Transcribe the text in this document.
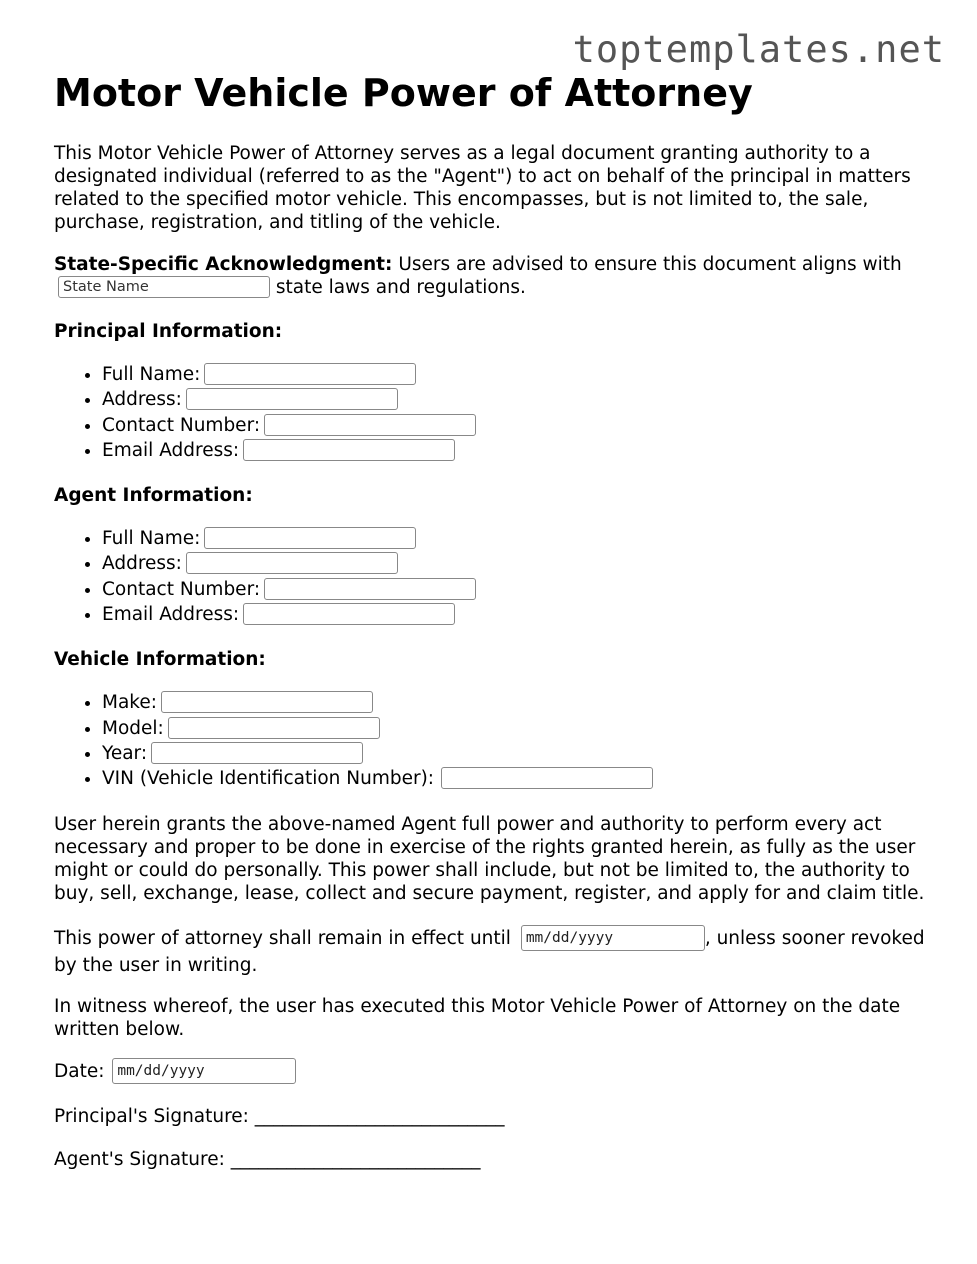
toptemplates.net
Motor Vehicle Power of Attorney

This Motor Vehicle Power of Attorney serves as a legal document granting authority to a designated individual (referred to as the "Agent") to act on behalf of the principal in matters related to the specified motor vehicle. This encompasses, but is not limited to, the sale, purchase, registration, and titling of the vehicle.

State-Specific Acknowledgment: Users are advised to ensure this document aligns with State Name	state laws and regulations.

Principal Information:
• Full Name:
• Address:
• Contact Number:
• Email Address:
Agent Information:
• Full Name:
• Address:
• Contact Number:
• Email Address:
Vehicle Information:
• Make:
• Model:
• Year:
• VIN (Vehicle Identification Number):

User herein grants the above-named Agent full power and authority to perform every act necessary and proper to be done in exercise of the rights granted herein, as fully as the user might or could do personally. This power shall include, but not be limited to, the authority to buy, sell, exchange, lease, collect and secure payment, register, and apply for and claim title.

This power of attorney shall remain in effect until mm/dd/yyyy	, unless sooner revoked by the user in writing.

In witness whereof, the user has executed this Motor Vehicle Power of Attorney on the date written below.

Date: mm/dd/yyyy

Principal's Signature: ___________________________

Agent's Signature: ___________________________
